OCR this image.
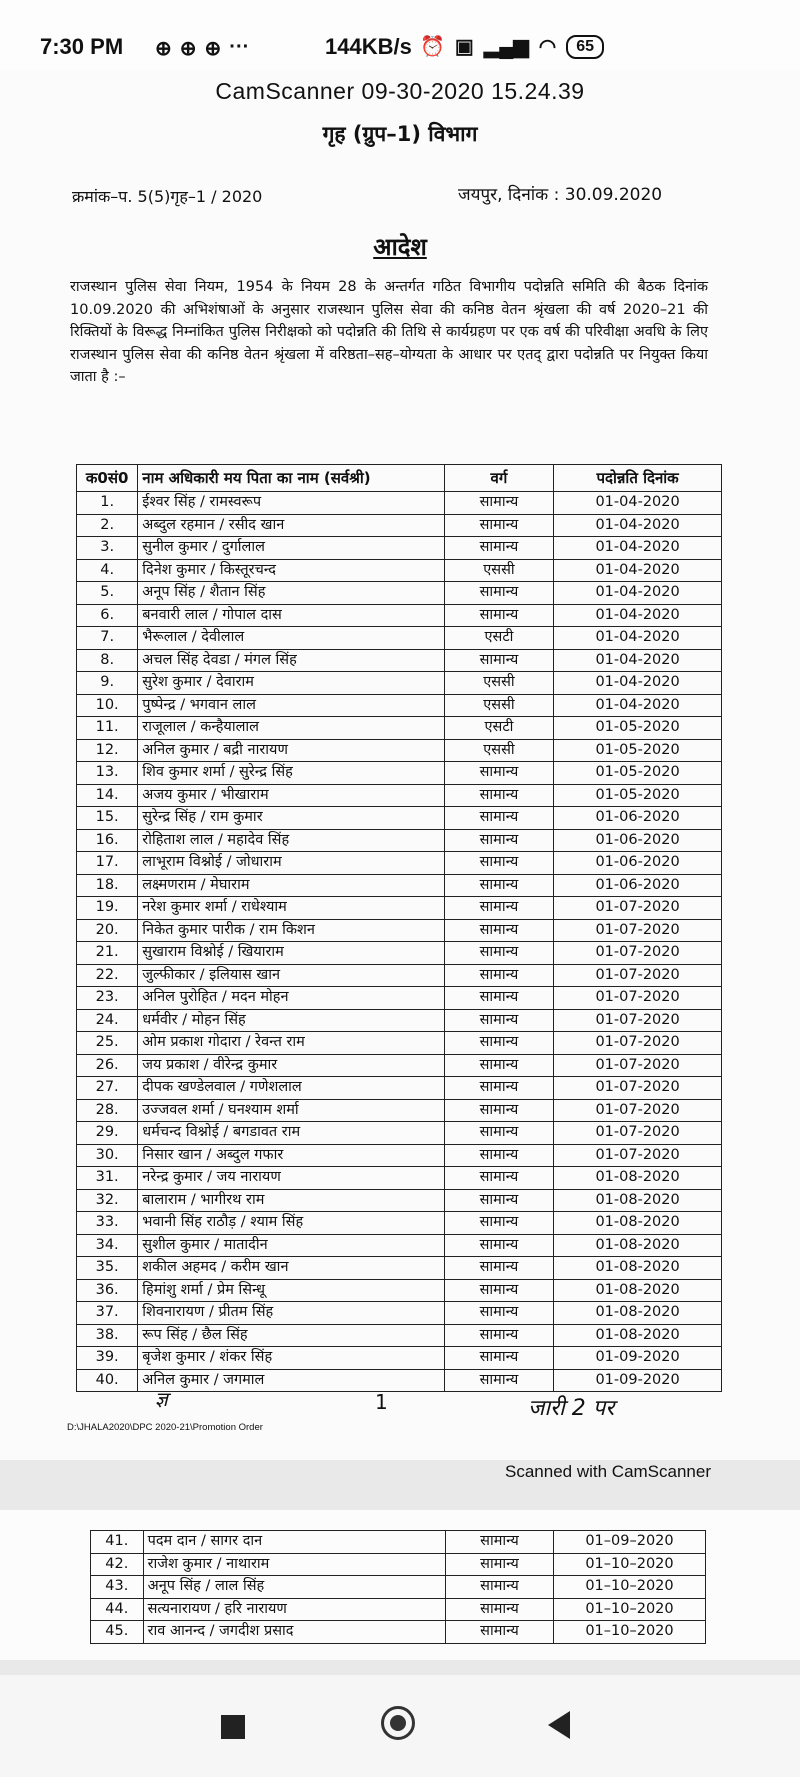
7:30 PM ⊕ ⊕ ⊕ ···	144KB/s ⏰ ▣ ▂▄▆ ◠	65
CamScanner 09-30-2020 15.24.39
गृह (ग्रुप–1) विभाग
क्रमांक–प. 5(5)गृह–1 / 2020	जयपुर, दिनांक : 30.09.2020
आदेश
राजस्थान पुलिस सेवा नियम, 1954 के नियम 28 के अन्तर्गत गठित विभागीय पदोन्नति समिति की बैठक दिनांक 10.09.2020 की अभिशंषाओं के अनुसार राजस्थान पुलिस सेवा की कनिष्ठ वेतन श्रृंखला की वर्ष 2020–21 की रिक्तियों के विरूद्ध निम्नांकित पुलिस निरीक्षको को पदोन्नति की तिथि से कार्यग्रहण पर एक वर्ष की परिवीक्षा अवधि के लिए राजस्थान पुलिस सेवा की कनिष्ठ वेतन श्रृंखला में वरिष्ठता–सह–योग्यता के आधार पर एतद् द्वारा पदोन्नति पर नियुक्त किया जाता है :–
क0सं0	नाम अधिकारी मय पिता का नाम (सर्वश्री)	वर्ग	पदोन्नति दिनांक
1.	ईश्वर सिंह / रामस्वरूप	सामान्य	01-04-2020
2.	अब्दुल रहमान / रसीद खान	सामान्य	01-04-2020
3.	सुनील कुमार / दुर्गालाल	सामान्य	01-04-2020
4.	दिनेश कुमार / किस्तूरचन्द	एससी	01-04-2020
5.	अनूप सिंह / शैतान सिंह	सामान्य	01-04-2020
6.	बनवारी लाल / गोपाल दास	सामान्य	01-04-2020
7.	भैरूलाल / देवीलाल	एसटी	01-04-2020
8.	अचल सिंह देवडा / मंगल सिंह	सामान्य	01-04-2020
9.	सुरेश कुमार / देवाराम	एससी	01-04-2020
10.	पुष्पेन्द्र / भगवान लाल	एससी	01-04-2020
11.	राजूलाल / कन्हैयालाल	एसटी	01-05-2020
12.	अनिल कुमार / बद्री नारायण	एससी	01-05-2020
13.	शिव कुमार शर्मा / सुरेन्द्र सिंह	सामान्य	01-05-2020
14.	अजय कुमार / भीखाराम	सामान्य	01-05-2020
15.	सुरेन्द्र सिंह / राम कुमार	सामान्य	01-06-2020
16.	रोहिताश लाल / महादेव सिंह	सामान्य	01-06-2020
17.	लाभूराम विश्नोई / जोधाराम	सामान्य	01-06-2020
18.	लक्ष्मणराम / मेघाराम	सामान्य	01-06-2020
19.	नरेश कुमार शर्मा / राधेश्याम	सामान्य	01-07-2020
20.	निकेत कुमार पारीक / राम किशन	सामान्य	01-07-2020
21.	सुखाराम विश्नोई / खियाराम	सामान्य	01-07-2020
22.	जुल्फीकार / इलियास खान	सामान्य	01-07-2020
23.	अनिल पुरोहित / मदन मोहन	सामान्य	01-07-2020
24.	धर्मवीर / मोहन सिंह	सामान्य	01-07-2020
25.	ओम प्रकाश गोदारा / रेवन्त राम	सामान्य	01-07-2020
26.	जय प्रकाश / वीरेन्द्र कुमार	सामान्य	01-07-2020
27.	दीपक खण्डेलवाल / गणेशलाल	सामान्य	01-07-2020
28.	उज्जवल शर्मा / घनश्याम शर्मा	सामान्य	01-07-2020
29.	धर्मचन्द विश्नोई / बगडावत राम	सामान्य	01-07-2020
30.	निसार खान / अब्दुल गफार	सामान्य	01-07-2020
31.	नरेन्द्र कुमार / जय नारायण	सामान्य	01-08-2020
32.	बालाराम / भागीरथ राम	सामान्य	01-08-2020
33.	भवानी सिंह राठौड़ / श्याम सिंह	सामान्य	01-08-2020
34.	सुशील कुमार / मातादीन	सामान्य	01-08-2020
35.	शकील अहमद / करीम खान	सामान्य	01-08-2020
36.	हिमांशु शर्मा / प्रेम सिन्धू	सामान्य	01-08-2020
37.	शिवनारायण / प्रीतम सिंह	सामान्य	01-08-2020
38.	रूप सिंह / छैल सिंह	सामान्य	01-08-2020
39.	बृजेश कुमार / शंकर सिंह	सामान्य	01-09-2020
40.	अनिल कुमार / जगमाल	सामान्य	01-09-2020
ज्ञ	1	जारी 2 पर
D:\JHALA2020\DPC 2020-21\Promotion Order
Scanned with CamScanner
41.	पदम दान / सागर दान	सामान्य	01–09–2020
42.	राजेश कुमार / नाथाराम	सामान्य	01–10–2020
43.	अनूप सिंह / लाल सिंह	सामान्य	01–10–2020
44.	सत्यनारायण / हरि नारायण	सामान्य	01–10–2020
45.	राव आनन्द / जगदीश प्रसाद	सामान्य	01–10–2020
